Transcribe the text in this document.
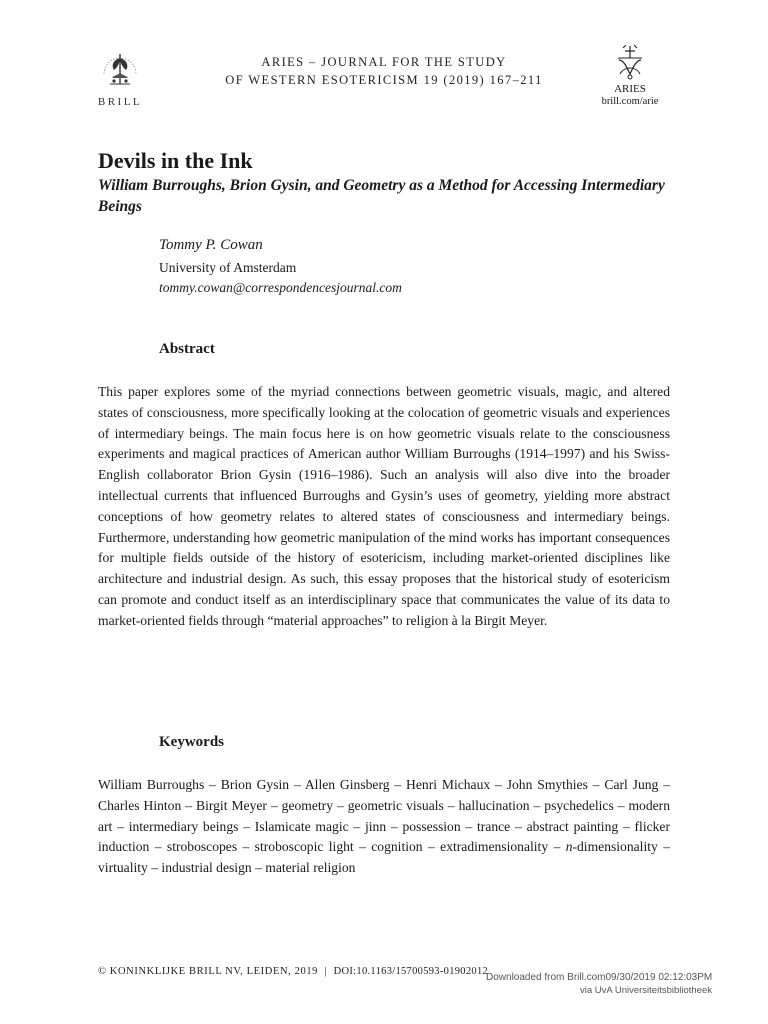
BRILL
ARIES – JOURNAL FOR THE STUDY
OF WESTERN ESOTERICISM 19 (2019) 167–211
ARIES
brill.com/arie
Devils in the Ink
William Burroughs, Brion Gysin, and Geometry as a Method for Accessing Intermediary Beings
Tommy P. Cowan
University of Amsterdam
tommy.cowan@correspondencesjournal.com
Abstract

This paper explores some of the myriad connections between geometric visuals, magic, and altered states of consciousness, more specifically looking at the colocation of geometric visuals and experiences of intermediary beings. The main focus here is on how geometric visuals relate to the consciousness experiments and magical practices of American author William Burroughs (1914–1997) and his Swiss-English collaborator Brion Gysin (1916–1986). Such an analysis will also dive into the broader intellectual currents that influenced Burroughs and Gysin’s uses of geometry, yielding more abstract conceptions of how geometry relates to altered states of consciousness and intermediary beings. Furthermore, understanding how geometric manipulation of the mind works has important consequences for multiple fields outside of the history of esotericism, including market-oriented disciplines like architecture and industrial design. As such, this essay proposes that the historical study of esotericism can promote and conduct itself as an interdisciplinary space that communicates the value of its data to market-oriented fields through “material approaches” to religion à la Birgit Meyer.

Keywords

William Burroughs – Brion Gysin – Allen Ginsberg – Henri Michaux – John Smythies – Carl Jung – Charles Hinton – Birgit Meyer – geometry – geometric visuals – hallucination – psychedelics – modern art – intermediary beings – Islamicate magic – jinn – possession – trance – abstract painting – flicker induction – stroboscopes – stroboscopic light – cognition – extradimensionality – n-dimensionality – virtuality – industrial design – material religion

© KONINKLIJKE BRILL NV, LEIDEN, 2019 | DOI:10.1163/15700593-01902012
Downloaded from Brill.com09/30/2019 02:12:03PM
via UvA Universiteitsbibliotheek
